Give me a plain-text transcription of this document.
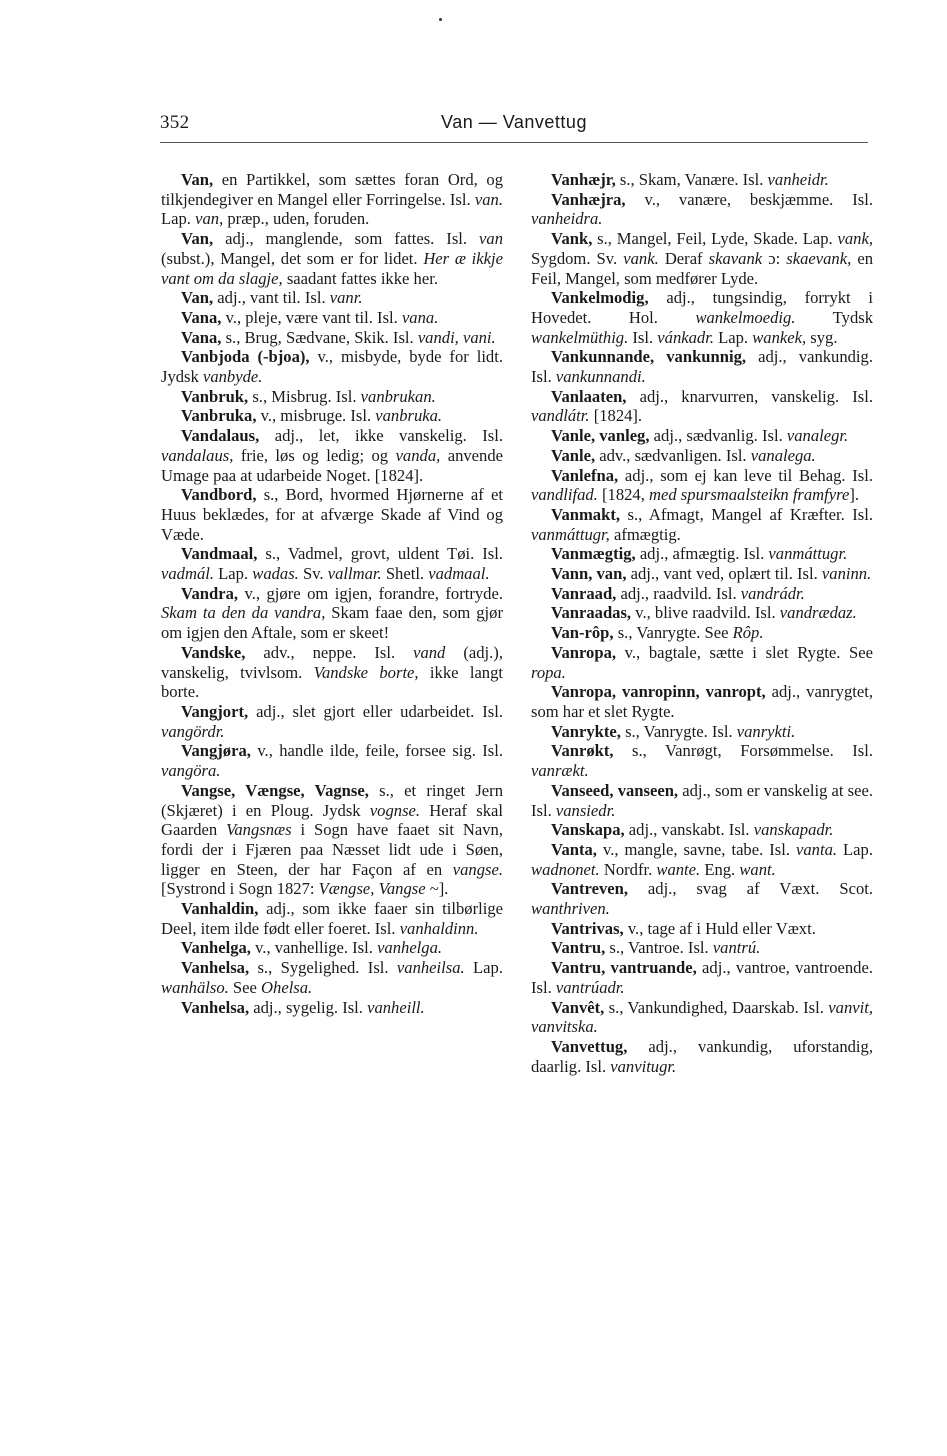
352	Van — Vanvettug

Van, en Partikkel, som sættes foran Ord, og tilkjendegiver en Mangel eller Forringelse. Isl. van. Lap. van, præp., uden, foruden.

Van, adj., manglende, som fattes. Isl. van (subst.), Mangel, det som er for lidet. Her æ ikkje vant om da slagje, saadant fattes ikke her.

Van, adj., vant til. Isl. vanr.

Vana, v., pleje, være vant til. Isl. vana.

Vana, s., Brug, Sædvane, Skik. Isl. vandi, vani.

Vanbjoda (-bjoa), v., misbyde, byde for lidt. Jydsk vanbyde.

Vanbruk, s., Misbrug. Isl. vanbrukan.

Vanbruka, v., misbruge. Isl. vanbruka.

Vandalaus, adj., let, ikke vanskelig. Isl. vandalaus, frie, løs og ledig; og vanda, anvende Umage paa at udarbeide Noget. [1824].

Vandbord, s., Bord, hvormed Hjørnerne af et Huus beklædes, for at afværge Skade af Vind og Væde.

Vandmaal, s., Vadmel, grovt, uldent Tøi. Isl. vadmál. Lap. wadas. Sv. vallmar. Shetl. vadmaal.

Vandra, v., gjøre om igjen, forandre, fortryde. Skam ta den da vandra, Skam faae den, som gjør om igjen den Aftale, som er skeet!

Vandske, adv., neppe. Isl. vand (adj.), vanskelig, tvivlsom. Vandske borte, ikke langt borte.

Vangjort, adj., slet gjort eller udarbeidet. Isl. vangördr.

Vangjøra, v., handle ilde, feile, forsee sig. Isl. vangöra.

Vangse, Vængse, Vagnse, s., et ringet Jern (Skjæret) i en Ploug. Jydsk vognse. Heraf skal Gaarden Vangsnæs i Sogn have faaet sit Navn, fordi der i Fjæren paa Næsset lidt ude i Søen, ligger en Steen, der har Façon af en vangse. [Systrond i Sogn 1827: Vængse, Vangse ~].

Vanhaldin, adj., som ikke faaer sin tilbørlige Deel, item ilde født eller foeret. Isl. vanhaldinn.

Vanhelga, v., vanhellige. Isl. vanhelga.

Vanhelsa, s., Sygelighed. Isl. vanheilsa. Lap. wanhälso. See Ohelsa.

Vanhelsa, adj., sygelig. Isl. vanheill.

Vanhæjr, s., Skam, Vanære. Isl. vanheidr.

Vanhæjra, v., vanære, beskjæmme. Isl. vanheidra.

Vank, s., Mangel, Feil, Lyde, Skade. Lap. vank, Sygdom. Sv. vank. Deraf skavank ɔ: skaevank, en Feil, Mangel, som medfører Lyde.

Vankelmodig, adj., tungsindig, forrykt i Hovedet. Hol. wankelmoedig. Tydsk wankelmüthig. Isl. vánkadr. Lap. wankek, syg.

Vankunnande, vankunnig, adj., vankundig. Isl. vankunnandi.

Vanlaaten, adj., knarvurren, vanskelig. Isl. vandlátr. [1824].

Vanle, vanleg, adj., sædvanlig. Isl. vanalegr.

Vanle, adv., sædvanligen. Isl. vanalega.

Vanlefna, adj., som ej kan leve til Behag. Isl. vandlifad. [1824, med spursmaalsteikn framfyre].

Vanmakt, s., Afmagt, Mangel af Kræfter. Isl. vanmáttugr, afmægtig.

Vanmægtig, adj., afmægtig. Isl. vanmáttugr.

Vann, van, adj., vant ved, oplært til. Isl. vaninn.

Vanraad, adj., raadvild. Isl. vandrádr.

Vanraadas, v., blive raadvild. Isl. vandrædaz.

Van-rôp, s., Vanrygte. See Rôp.

Vanropa, v., bagtale, sætte i slet Rygte. See ropa.

Vanropa, vanropinn, vanropt, adj., vanrygtet, som har et slet Rygte.

Vanrykte, s., Vanrygte. Isl. vanrykti.

Vanrøkt, s., Vanrøgt, Forsømmelse. Isl. vanrækt.

Vanseed, vanseen, adj., som er vanskelig at see. Isl. vansiedr.

Vanskapa, adj., vanskabt. Isl. vanskapadr.

Vanta, v., mangle, savne, tabe. Isl. vanta. Lap. wadnonet. Nordfr. wante. Eng. want.

Vantreven, adj., svag af Væxt. Scot. wanthriven.

Vantrivas, v., tage af i Huld eller Væxt.

Vantru, s., Vantroe. Isl. vantrú.

Vantru, vantruande, adj., vantroe, vantroende. Isl. vantrúadr.

Vanvêt, s., Vankundighed, Daarskab. Isl. vanvit, vanvitska.

Vanvettug, adj., vankundig, uforstandig, daarlig. Isl. vanvitugr.
